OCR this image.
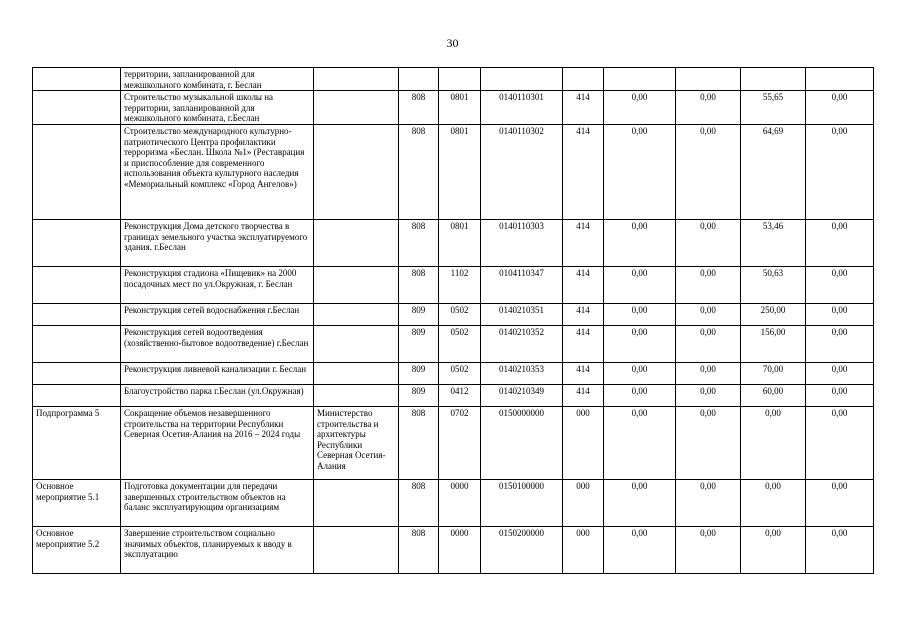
30
	территории, запланированной для межшкольного комбината, г. Беслан									
	Строительство музыкальной школы на территории, запланированной для межшкольного комбината, г.Беслан		808	0801	0140110301	414	0,00	0,00	55,65	0,00
	Строительство международного культурно-патриотического Центра профилактики терроризма «Беслан. Школа №1» (Реставрация и приспособление для современного использования объекта культурного наследия «Мемориальный комплекс «Город Ангелов»)		808	0801	0140110302	414	0,00	0,00	64,69	0,00
	Реконструкция Дома детского творчества в границах земельного участка эксплуатируемого здания. г.Беслан		808	0801	0140110303	414	0,00	0,00	53,46	0,00
	Реконструкция стадиона «Пищевик» на 2000 посадочных мест по ул.Окружная, г. Беслан		808	1102	0104110347	414	0,00	0,00	50,63	0,00
	Реконструкция сетей водоснабжения г.Беслан		809	0502	0140210351	414	0,00	0,00	250,00	0,00
	Реконструкция сетей водоотведения (хозяйственно-бытовое водоотведение) г.Беслан		809	0502	0140210352	414	0,00	0,00	156,00	0,00
	Реконструкция ливневой канализации г. Беслан		809	0502	0140210353	414	0,00	0,00	70,00	0,00
	Благоустройство парка г.Беслан (ул.Окружная)		809	0412	0140210349	414	0,00	0,00	60,00	0,00
Подпрограмма 5	Сокращение объемов незавершенного строительства на территории Республики Северная Осетия-Алания на 2016 – 2024 годы	Министерство строительства и архитектуры Республики Северная Осетия-Алания	808	0702	0150000000	000	0,00	0,00	0,00	0,00
Основное мероприятие 5.1	Подготовка документации для передачи завершенных строительством объектов на баланс эксплуатирующим организациям		808	0000	0150100000	000	0,00	0,00	0,00	0,00
Основное мероприятие 5.2	Завершение строительством социально значимых объектов, планируемых к вводу в эксплуатацию		808	0000	0150200000	000	0,00	0,00	0,00	0,00
